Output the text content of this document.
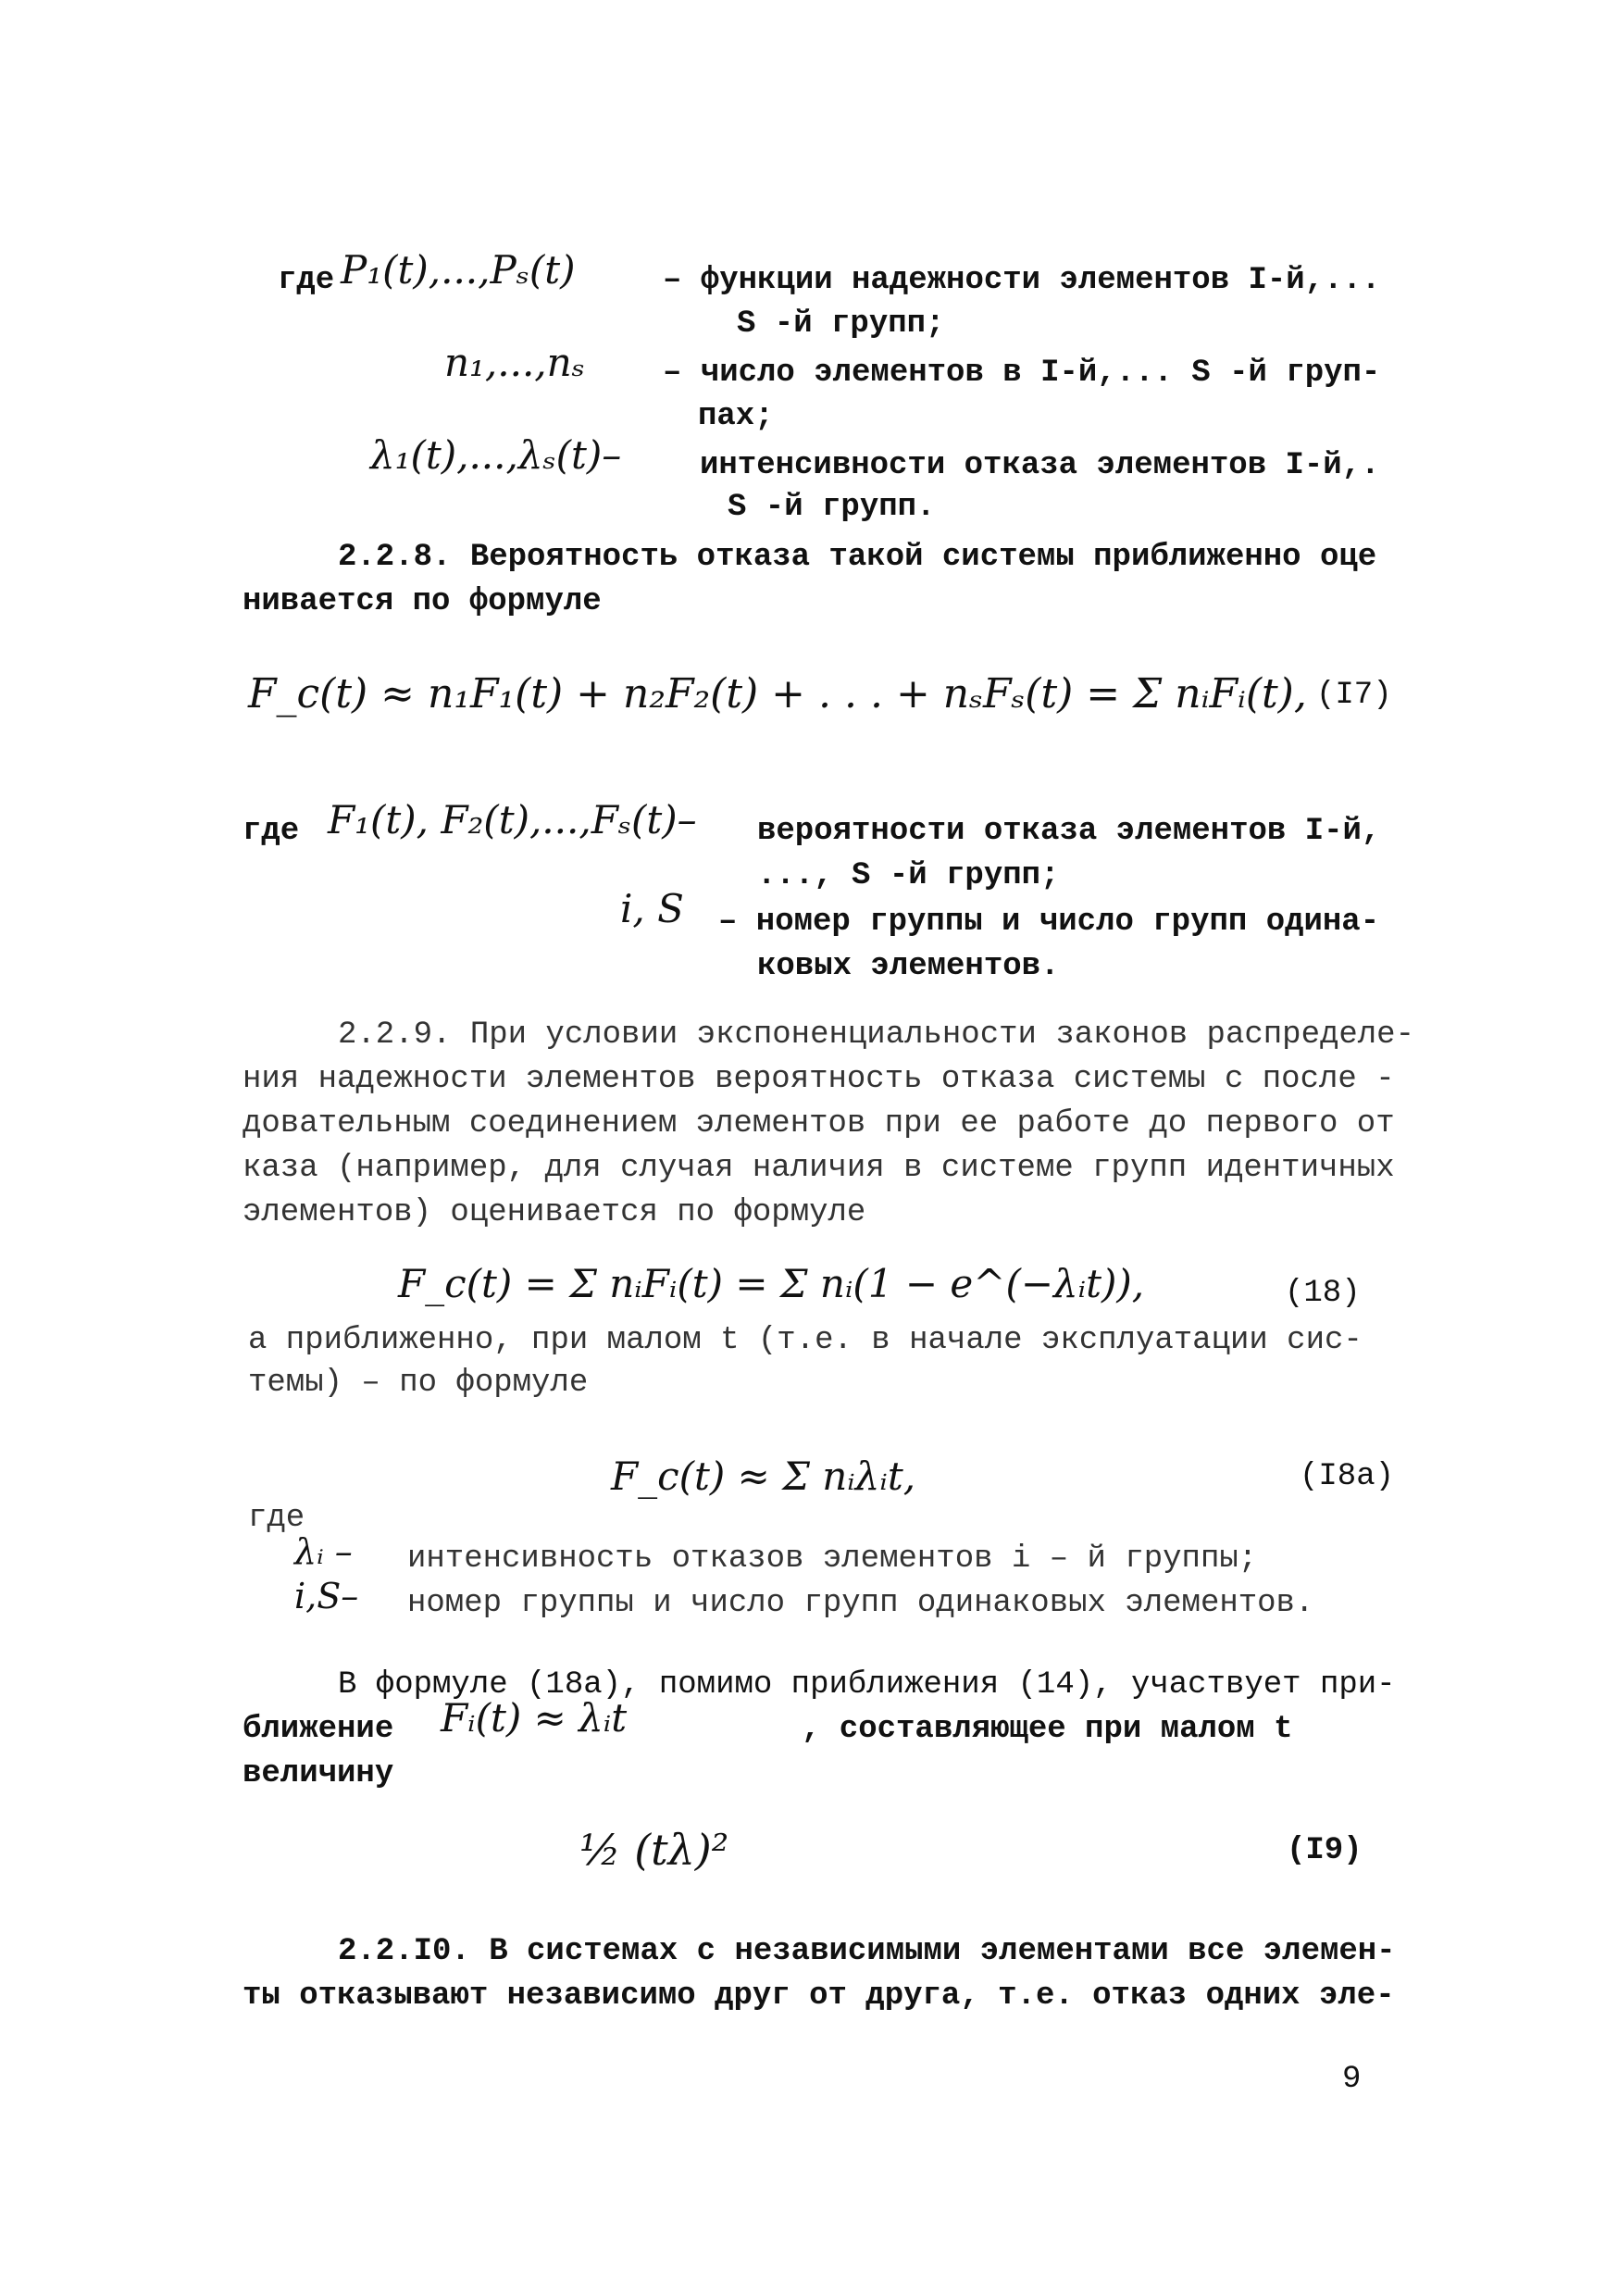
где P₁(t),...,Pₛ(t)	– функции надежности элементов I-й,...
S -й групп;
n₁,...,nₛ – число элементов в I-й,... S -й груп-
пах;
λ₁(t),...,λₛ(t)– интенсивности отказа элементов I-й,.
S -й групп.
2.2.8. Вероятность отказа такой системы приближенно оце
нивается по формуле
F_c(t) ≈ n₁F₁(t) + n₂F₂(t) + . . . + nₛFₛ(t) = Σ nᵢFᵢ(t), (I7)
где F₁(t), F₂(t),...,Fₛ(t)– вероятности отказа элементов I-й,
..., S -й групп;
i, S – номер группы и число групп одина-
ковых элементов.
2.2.9. При условии экспоненциальности законов распределе-
ния надежности элементов вероятность отказа системы с после -
довательным соединением элементов при ее работе до первого от
каза (например, для случая наличия в системе групп идентичных
элементов) оценивается по формуле
F_c(t) = Σ nᵢFᵢ(t) = Σ nᵢ(1 − e^(−λᵢt)),	(18)
а приближенно, при малом t (т.е. в начале эксплуатации сис-
темы) – по формуле
F_c(t) ≈ Σ nᵢλᵢt,	(I8a)
где
λᵢ – интенсивность отказов элементов i – й группы;
i,S– номер группы и число групп одинаковых элементов.
В формуле (18a), помимо приближения (14), участвует при-
ближение Fᵢ(t) ≈ λᵢt	, составляющее при малом t
величину
½ (tλ)²	(I9)
2.2.I0. В системах с независимыми элементами все элемен-
ты отказывают независимо друг от друга, т.е. отказ одних эле-
9
